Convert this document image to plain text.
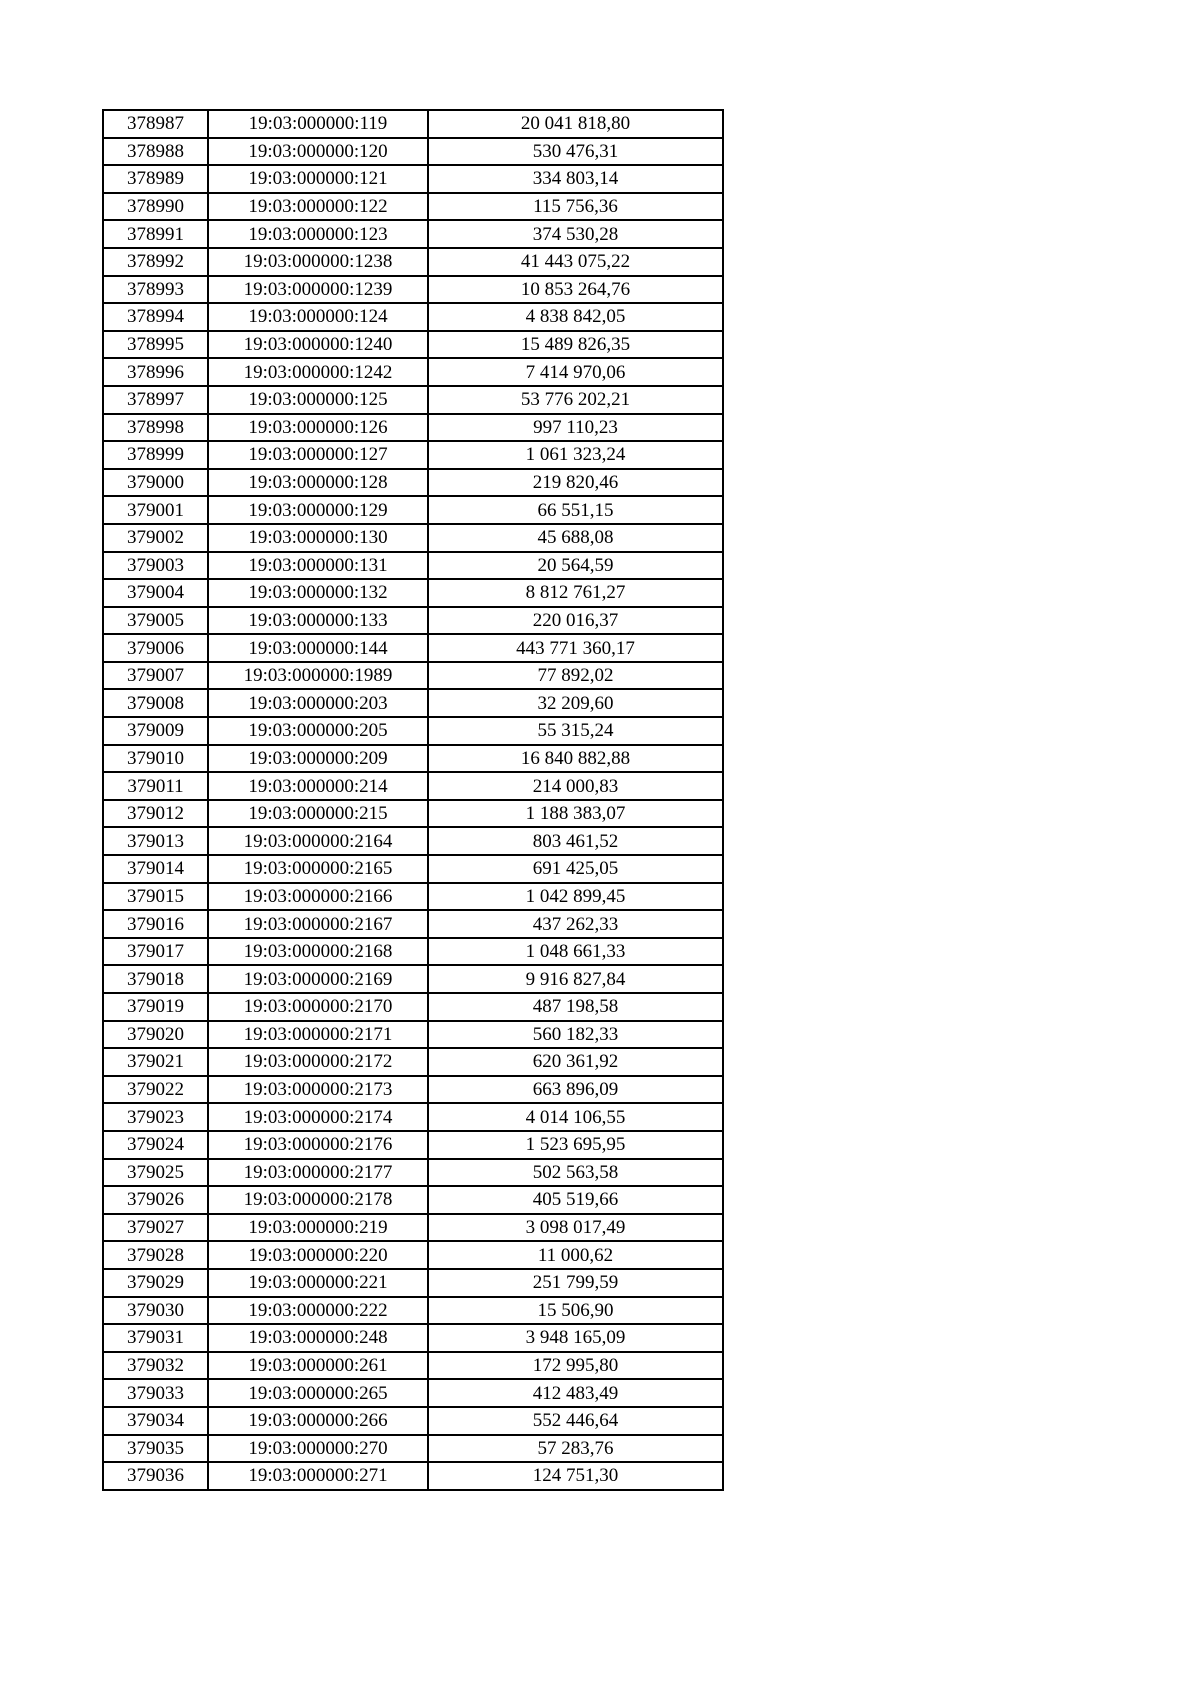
378987	19:03:000000:119	20 041 818,80
378988	19:03:000000:120	530 476,31
378989	19:03:000000:121	334 803,14
378990	19:03:000000:122	115 756,36
378991	19:03:000000:123	374 530,28
378992	19:03:000000:1238	41 443 075,22
378993	19:03:000000:1239	10 853 264,76
378994	19:03:000000:124	4 838 842,05
378995	19:03:000000:1240	15 489 826,35
378996	19:03:000000:1242	7 414 970,06
378997	19:03:000000:125	53 776 202,21
378998	19:03:000000:126	997 110,23
378999	19:03:000000:127	1 061 323,24
379000	19:03:000000:128	219 820,46
379001	19:03:000000:129	66 551,15
379002	19:03:000000:130	45 688,08
379003	19:03:000000:131	20 564,59
379004	19:03:000000:132	8 812 761,27
379005	19:03:000000:133	220 016,37
379006	19:03:000000:144	443 771 360,17
379007	19:03:000000:1989	77 892,02
379008	19:03:000000:203	32 209,60
379009	19:03:000000:205	55 315,24
379010	19:03:000000:209	16 840 882,88
379011	19:03:000000:214	214 000,83
379012	19:03:000000:215	1 188 383,07
379013	19:03:000000:2164	803 461,52
379014	19:03:000000:2165	691 425,05
379015	19:03:000000:2166	1 042 899,45
379016	19:03:000000:2167	437 262,33
379017	19:03:000000:2168	1 048 661,33
379018	19:03:000000:2169	9 916 827,84
379019	19:03:000000:2170	487 198,58
379020	19:03:000000:2171	560 182,33
379021	19:03:000000:2172	620 361,92
379022	19:03:000000:2173	663 896,09
379023	19:03:000000:2174	4 014 106,55
379024	19:03:000000:2176	1 523 695,95
379025	19:03:000000:2177	502 563,58
379026	19:03:000000:2178	405 519,66
379027	19:03:000000:219	3 098 017,49
379028	19:03:000000:220	11 000,62
379029	19:03:000000:221	251 799,59
379030	19:03:000000:222	15 506,90
379031	19:03:000000:248	3 948 165,09
379032	19:03:000000:261	172 995,80
379033	19:03:000000:265	412 483,49
379034	19:03:000000:266	552 446,64
379035	19:03:000000:270	57 283,76
379036	19:03:000000:271	124 751,30
